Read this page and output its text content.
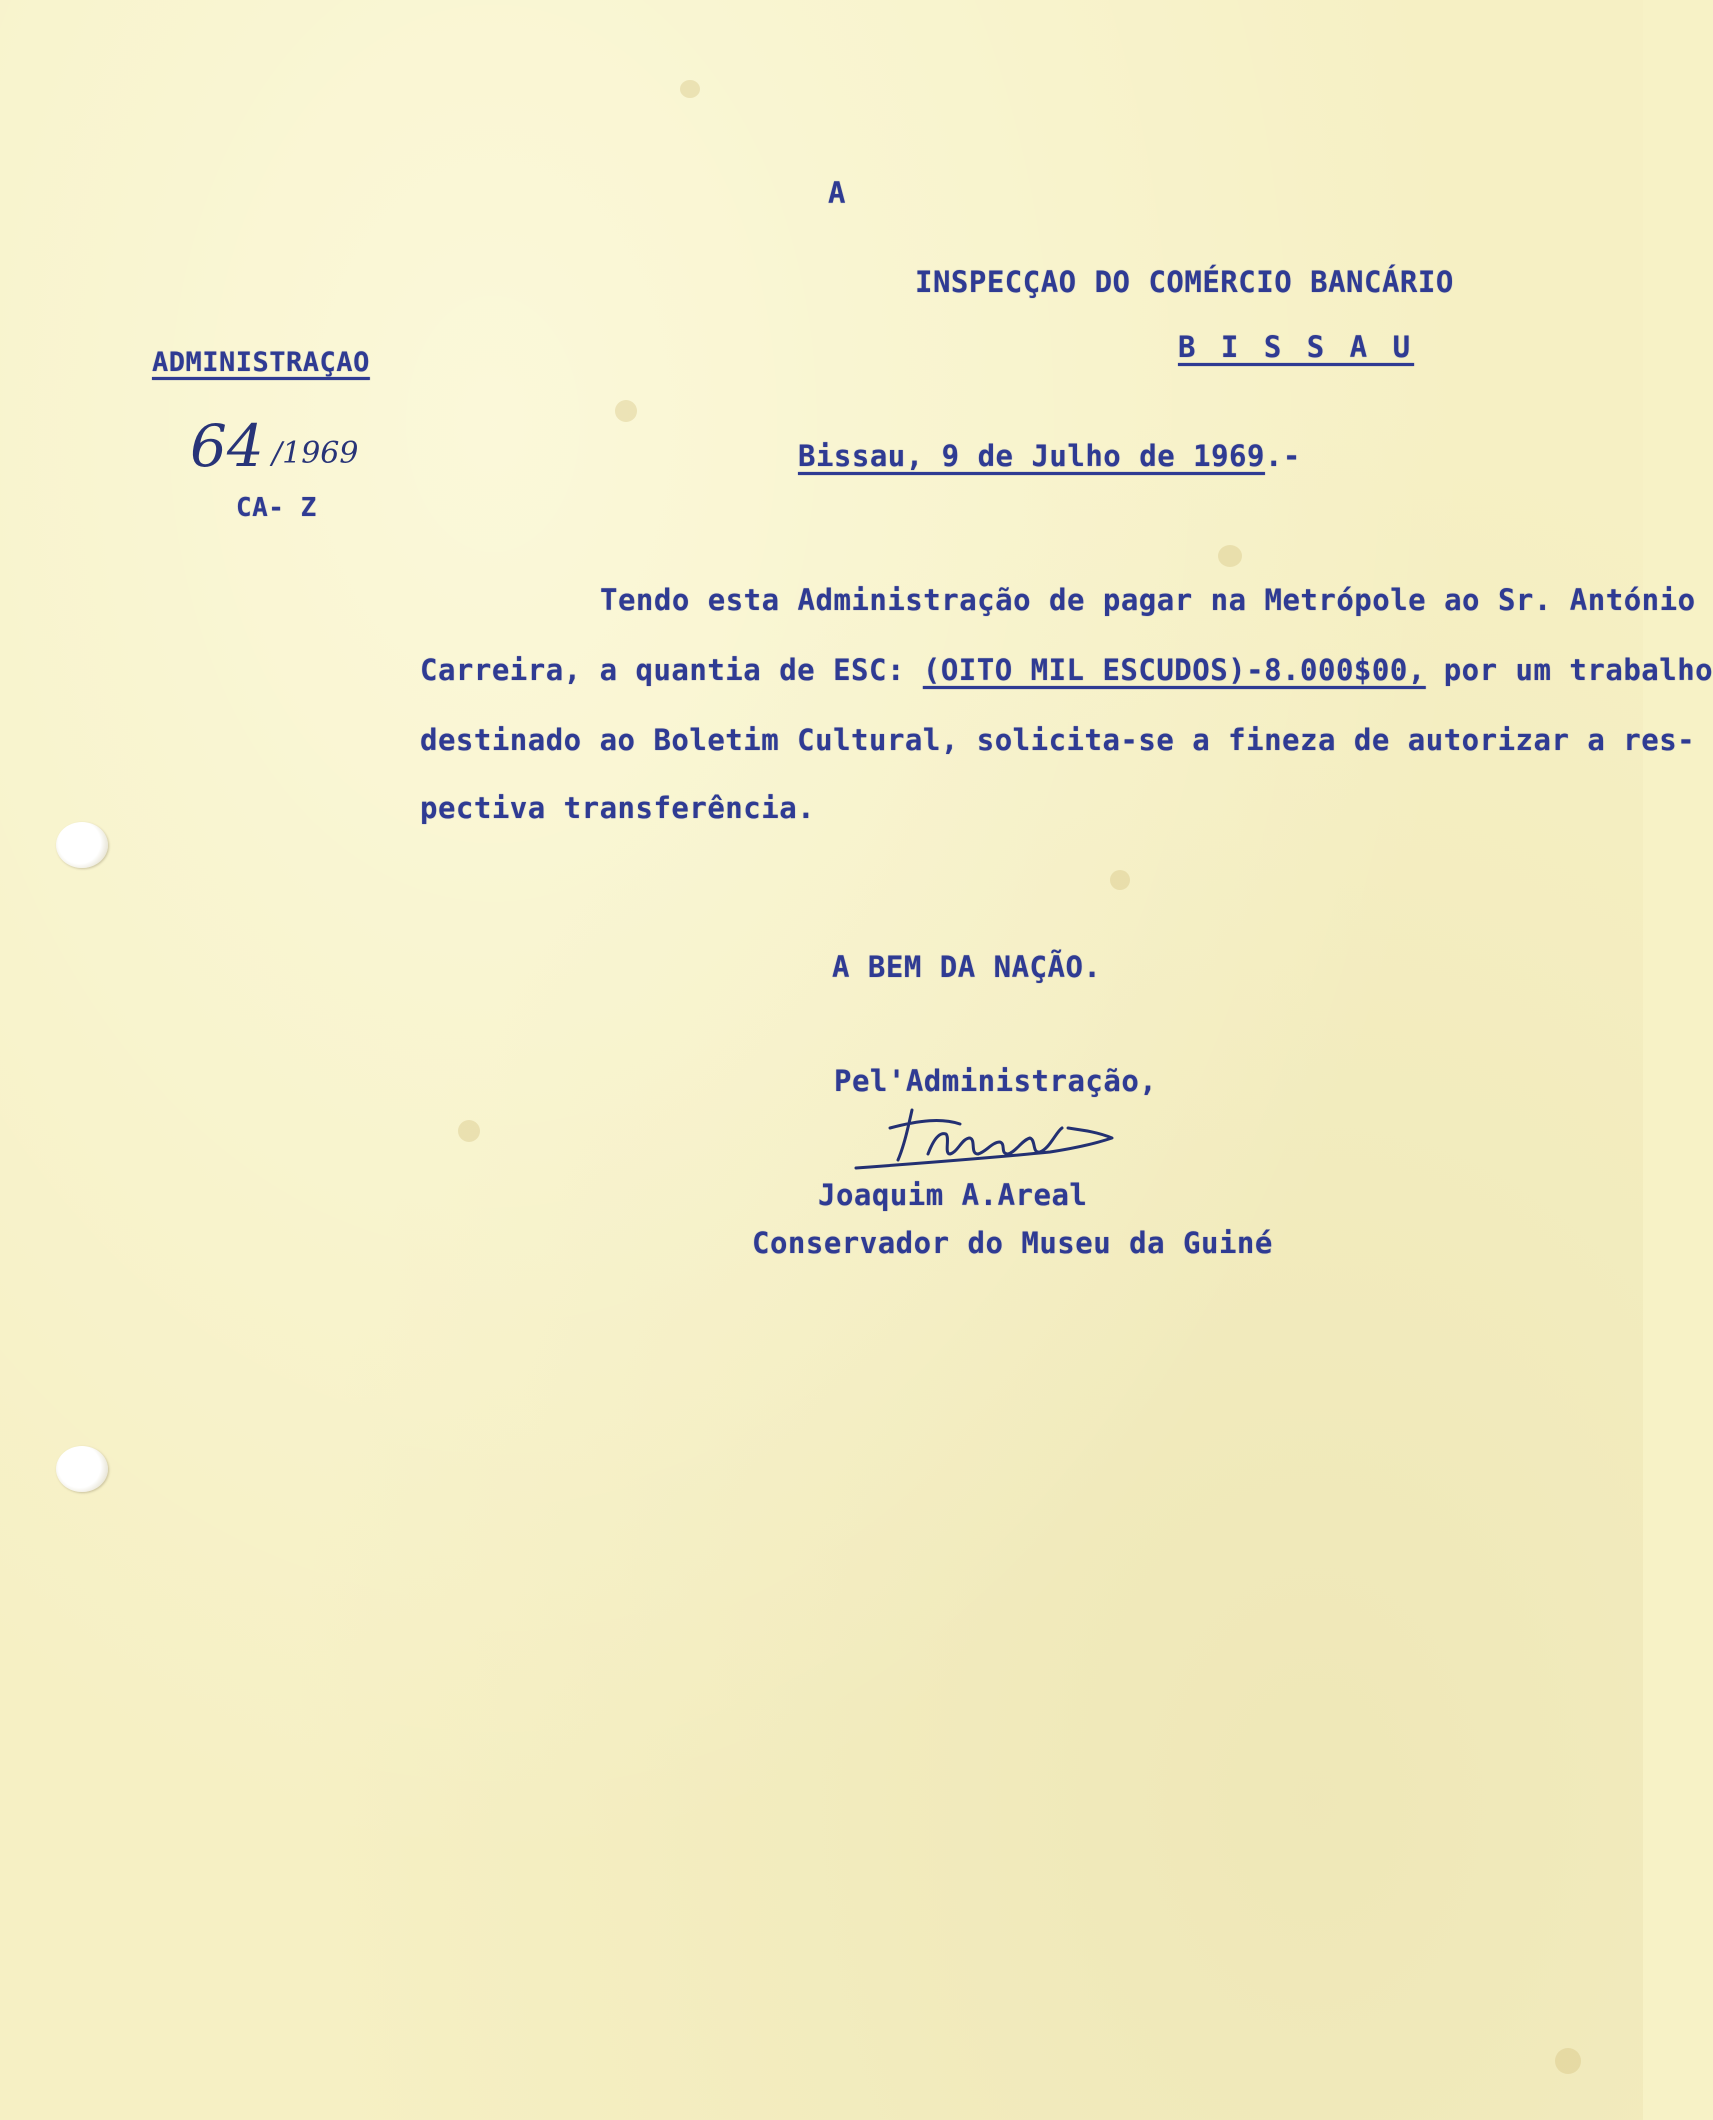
A
INSPECÇAO DO COMÉRCIO BANCÁRIO
B I S S A U
ADMINISTRAÇAO
64 /1969
CA- Z
Bissau, 9 de Julho de 1969.-
Tendo esta Administração de pagar na Metrópole ao Sr. António
Carreira, a quantia de ESC: (OITO MIL ESCUDOS)-8.000$00, por um trabalho
destinado ao Boletim Cultural, solicita-se a fineza de autorizar a res-
pectiva transferência.
A BEM DA NAÇÃO.
Pel'Administração,
Joaquim A.Areal
Conservador do Museu da Guiné
